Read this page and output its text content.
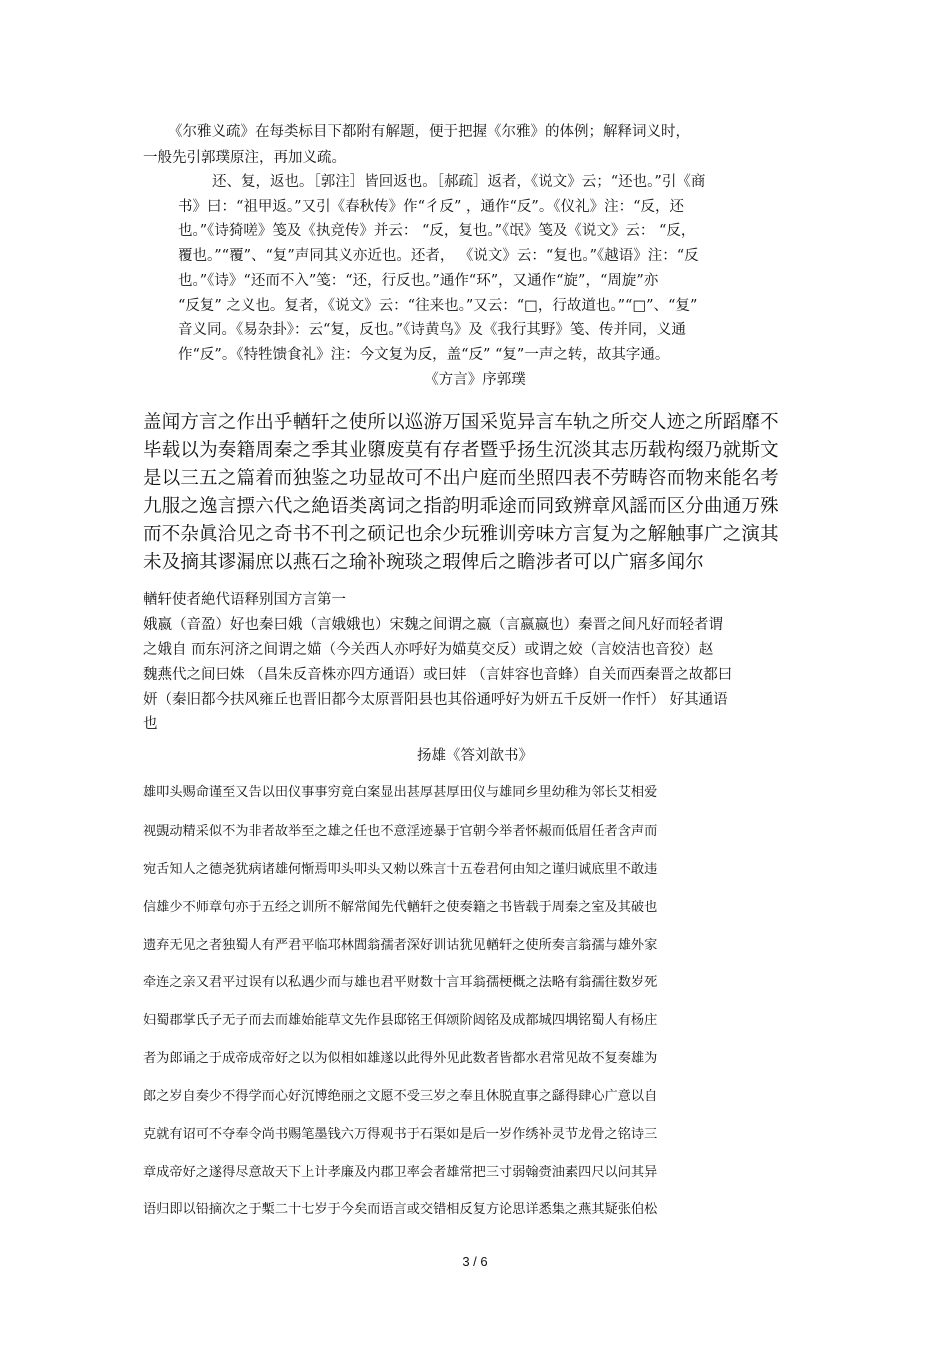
《尔雅义疏》在每类标目下都附有解题，便于把握《尔雅》的体例；解释词义时，

一般先引郭璞原注，再加义疏。

还、复，返也。［郭注］皆回返也。［郝疏］返者，《说文》云；“还也。”引《商

书》曰：“祖甲返。”又引《春秋传》作“彳反” ，通作“反”。《仪礼》注：“反，还

也。”《诗猗嗟》笺及《执竞传》并云： “反，复也。”《氓》笺及《说文》云： “反，

覆也。”“覆”、“复”声同其义亦近也。还者， 《说文》云：“复也。”《越语》注：“反

也。”《诗》“还而不入”笺：“还，行反也。”通作“环”，又通作“旋”，“周旋”亦

“反复” 之义也。复者，《说文》云：“往来也。”又云：“□，行故道也。”“□”、“复”

音义同。《易杂卦》：云“复，反也。”《诗黄鸟》及《我行其野》笺、传并同，义通

作“反”。《特牲馈食礼》注：今文复为反，盖“反” “复”一声之转，故其字通。

《方言》序郭璞

盖闻方言之作出乎輶轩之使所以巡游万国采览异言车轨之所交人迹之所蹈靡不

毕载以为奏籍周秦之季其业隳废莫有存者暨乎扬生沉淡其志历载构缀乃就斯文

是以三五之篇着而独鉴之功显故可不出户庭而坐照四表不劳畴咨而物来能名考

九服之逸言摽六代之絶语类离词之指韵明乖途而同致辨章风謡而区分曲通万殊

而不杂眞洽见之奇书不刊之硕记也余少玩雅训旁味方言复为之解触事广之演其

未及摘其谬漏庶以燕石之瑜补琬琰之瑕俾后之瞻涉者可以广寤多闻尔

輶轩使者絶代语释别国方言第一

娥嬴（音盈）好也秦曰娥（言娥娥也）宋魏之间谓之嬴（言嬴嬴也）秦晋之间凡好而轻者谓

之娥自 而东河济之间谓之媌（今关西人亦呼好为媌莫交反）或谓之姣（言姣洁也音狡）赵

魏燕代之间曰姝 （昌朱反音株亦四方通语）或曰妦 （言妦容也音蜂）自关而西秦晋之故都曰

妍（秦旧都今扶风雍丘也晋旧都今太原晋阳县也其俗通呼好为妍五千反妍一作忏） 好其通语

也

扬雄《答刘歆书》

雄叩头赐命谨至又告以田仪事事穷竟白案显出甚厚甚厚田仪与雄同乡里幼稚为邻长艾相爱

视覬动精采似不为非者故举至之雄之任也不意淫迹暴于官朝今举者怀赧而低眉任者含声而

宛舌知人之德尧犹病诸雄何惭焉叩头叩头又勑以殊言十五卷君何由知之谨归诚底里不敢违

信雄少不师章句亦于五经之训所不解常闻先代輶轩之使奏籍之书皆载于周秦之室及其破也

遗弃无见之者独蜀人有严君平临邛林閭翁孺者深好训诂犹见輶轩之使所奏言翁孺与雄外家

牵连之亲又君平过误有以私遇少而与雄也君平财数十言耳翁孺梗概之法略有翁孺往数岁死

妇蜀郡掌氏子无子而去而雄始能草文先作县邸铭王佴颂阶闼铭及成都城四堣铭蜀人有杨庄

者为郎诵之于成帝成帝好之以为似相如雄遂以此得外见此数者皆都水君常见故不复奏雄为

郎之岁自奏少不得学而心好沉博绝丽之文愿不受三岁之奉且休脱直事之繇得肆心广意以自

克就有诏可不夺奉令尚书赐笔墨钱六万得观书于石渠如是后一岁作绣补灵节龙骨之铭诗三

章成帝好之遂得尽意故天下上计孝廉及内郡卫率会者雄常把三寸弱翰赍油素四尺以问其异

语归即以铅摘次之于槧二十七岁于今矣而语言或交错相反复方论思详悉集之燕其疑张伯松

3 / 6
